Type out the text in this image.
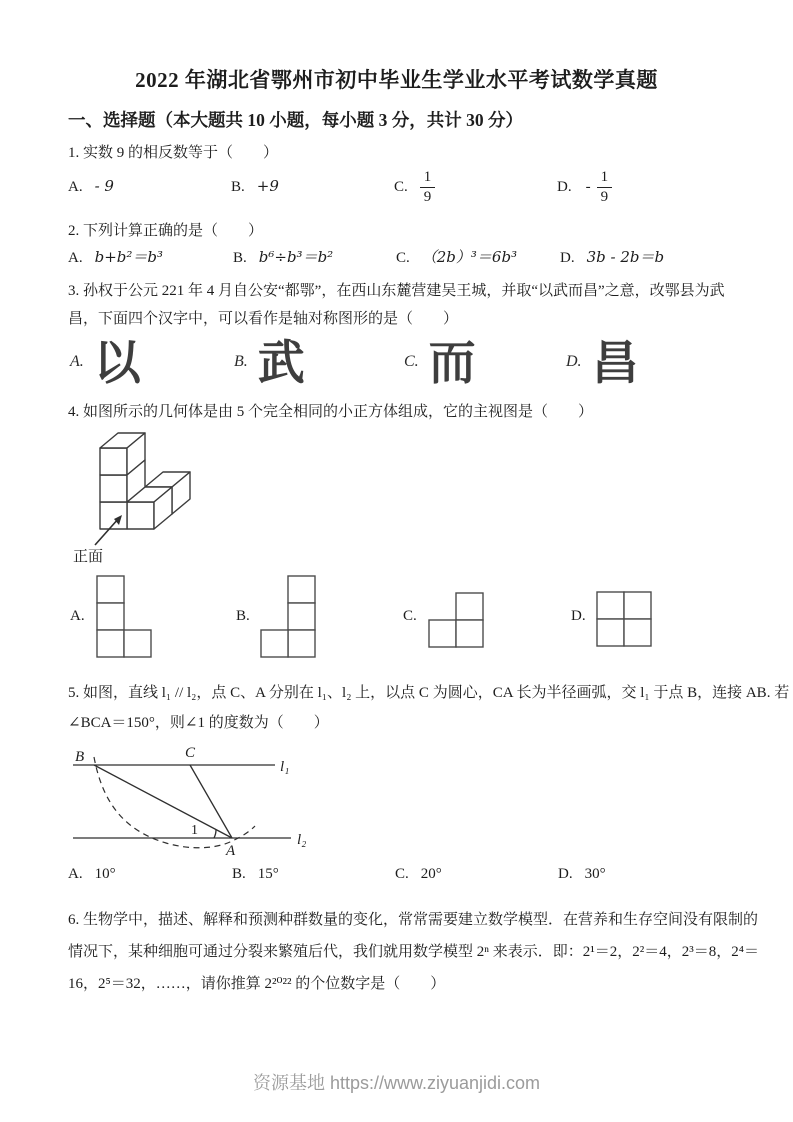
2022 年湖北省鄂州市初中毕业生学业水平考试数学真题
一、选择题（本大题共 10 小题，每小题 3 分，共计 30 分）
1. 实数 9 的相反数等于（　　）
A. - 9	B. +9	C. $\frac{1}{9}$	D. - $\frac{1}{9}$
2. 下列计算正确的是（　　）
A. b+b²＝b³	B. b⁶÷b³＝b²	C. （2b）³＝6b³	D. 3b - 2b＝b
3. 孙权于公元 221 年 4 月自公安“都鄂”，在西山东麓营建吴王城，并取“以武而昌”之意，改鄂县为武
昌，下面四个汉字中，可以看作是轴对称图形的是（　　）
A. 以	B. 武	C. 而	D. 昌
4. 如图所示的几何体是由 5 个完全相同的小正方体组成，它的主视图是（　　）
正面
A.	B.	C.	D.
5. 如图，直线 l₁ // l₂，点 C、A 分别在 l₁、l₂ 上，以点 C 为圆心，CA 长为半径画弧，交 l₁ 于点 B，连接 AB. 若
∠BCA＝150°，则∠1 的度数为（　　）
B	C
A
1
l₁
l₂
A. 10°	B. 15°	C. 20°	D. 30°
6. 生物学中，描述、解释和预测种群数量的变化，常常需要建立数学模型．在营养和生存空间没有限制的
情况下，某种细胞可通过分裂来繁殖后代，我们就用数学模型 2ⁿ 来表示．即：2¹＝2，2²＝4，2³＝8，2⁴＝
16，2⁵＝32，……，请你推算 2²⁰²² 的个位数字是（　　）
资源基地 https://www.ziyuanjidi.com
